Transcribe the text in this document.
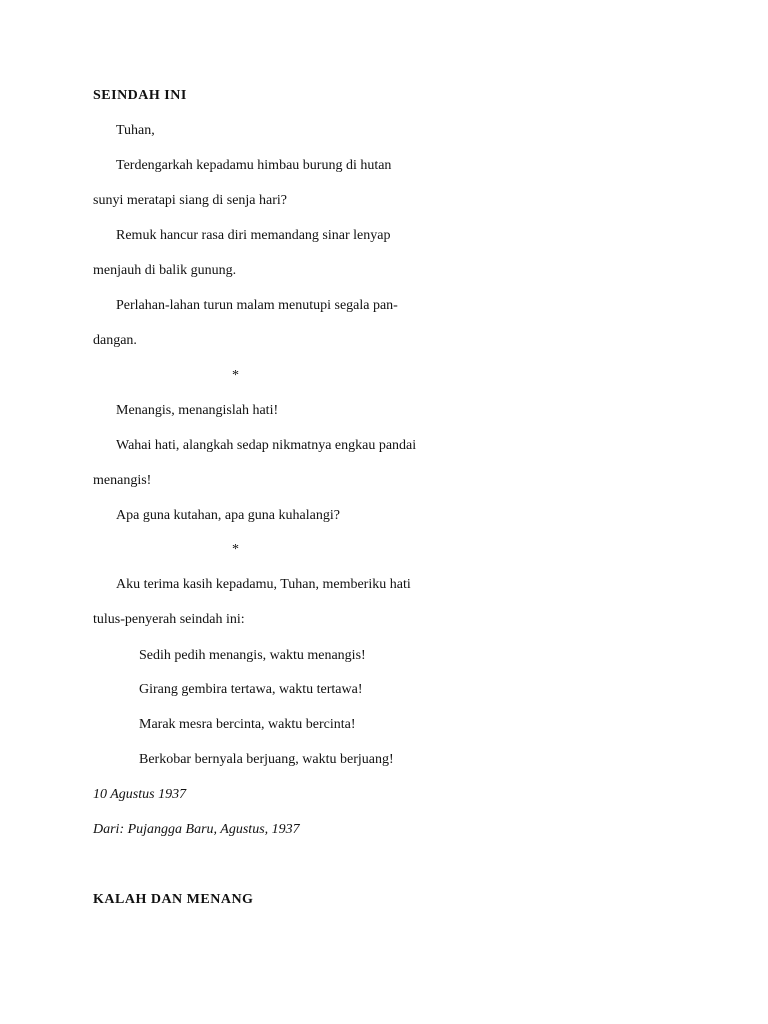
SEINDAH INI
Tuhan,
Terdengarkah kepadamu himbau burung di hutan
sunyi meratapi siang di senja hari?
Remuk hancur rasa diri memandang sinar lenyap
menjauh di balik gunung.
Perlahan-lahan turun malam menutupi segala pan-
dangan.
*
Menangis, menangislah hati!
Wahai hati, alangkah sedap nikmatnya engkau pandai
menangis!
Apa guna kutahan, apa guna kuhalangi?
*
Aku terima kasih kepadamu, Tuhan, memberiku hati
tulus-penyerah seindah ini:
Sedih pedih menangis, waktu menangis!
Girang gembira tertawa, waktu tertawa!
Marak mesra bercinta, waktu bercinta!
Berkobar bernyala berjuang, waktu berjuang!
10 Agustus 1937
Dari: Pujangga Baru, Agustus, 1937
KALAH DAN MENANG
